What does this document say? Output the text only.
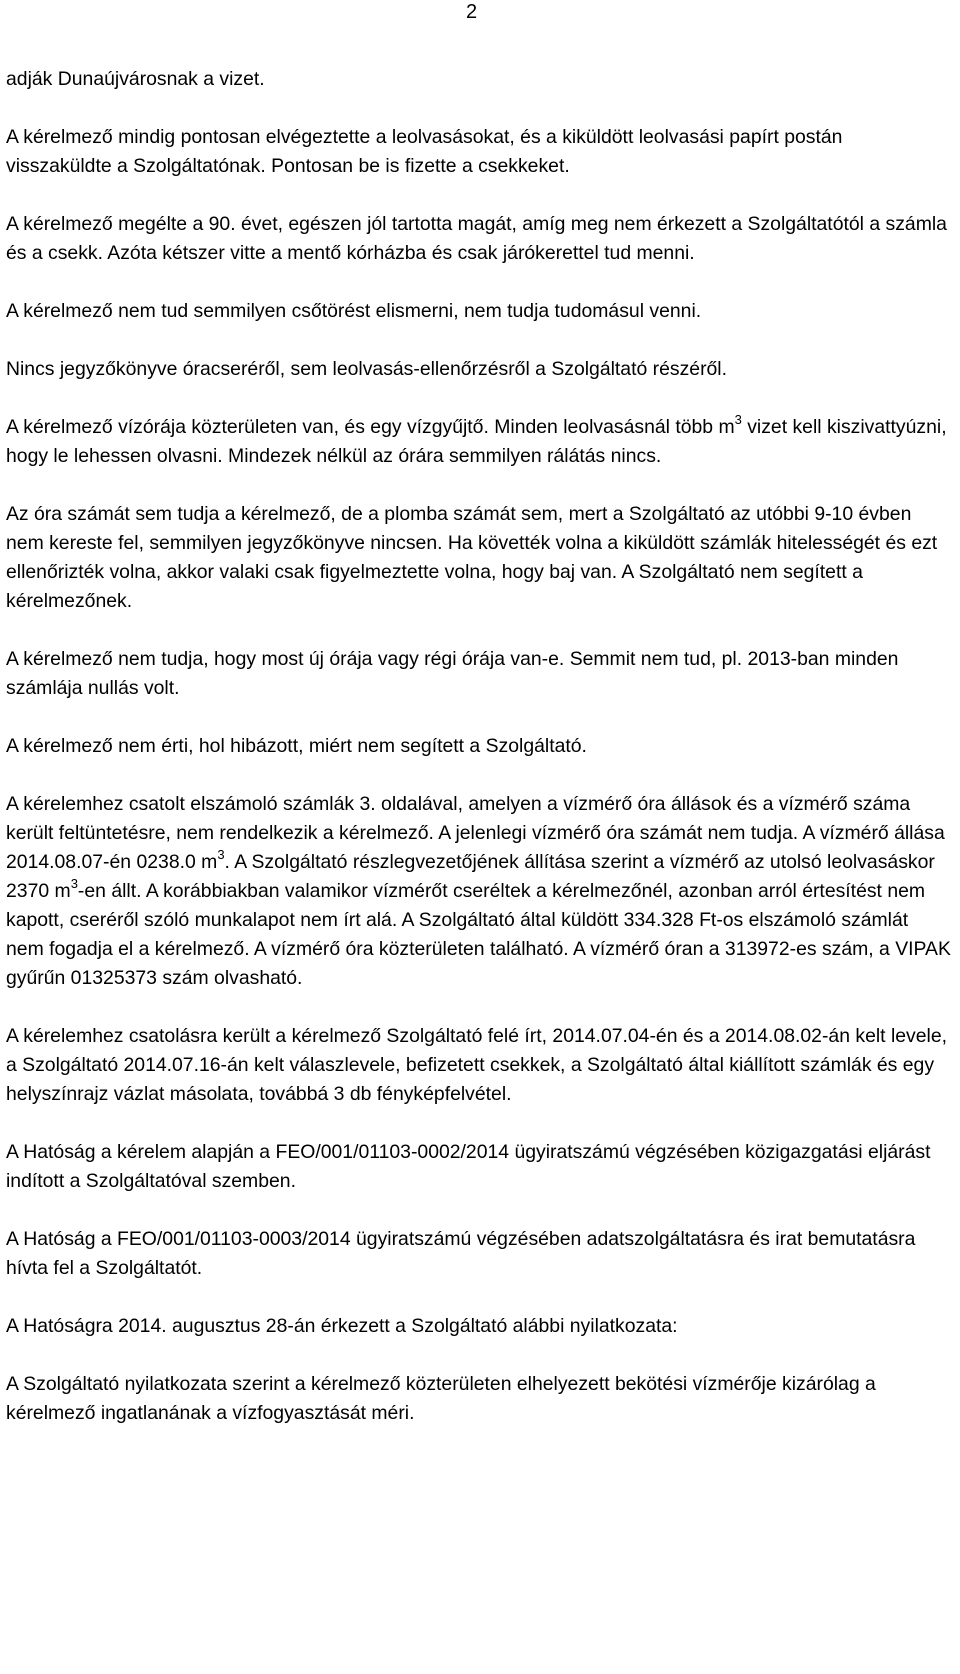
2

adják Dunaújvárosnak a vizet.

A kérelmező mindig pontosan elvégeztette a leolvasásokat, és a kiküldött leolvasási papírt postán visszaküldte a Szolgáltatónak. Pontosan be is fizette a csekkeket.

A kérelmező megélte a 90. évet, egészen jól tartotta magát, amíg meg nem érkezett a Szolgáltatótól a számla és a csekk. Azóta kétszer vitte a mentő kórházba és csak járókerettel tud menni.

A kérelmező nem tud semmilyen csőtörést elismerni, nem tudja tudomásul venni.

Nincs jegyzőkönyve óracseréről, sem leolvasás-ellenőrzésről a Szolgáltató részéről.

A kérelmező vízórája közterületen van, és egy vízgyűjtő. Minden leolvasásnál több $m^3$ vizet kell kiszivattyúzni, hogy le lehessen olvasni. Mindezek nélkül az órára semmilyen rálátás nincs.

Az óra számát sem tudja a kérelmező, de a plomba számát sem, mert a Szolgáltató az utóbbi 9-10 évben nem kereste fel, semmilyen jegyzőkönyve nincsen. Ha követték volna a kiküldött számlák hitelességét és ezt ellenőrizték volna, akkor valaki csak figyelmeztette volna, hogy baj van. A Szolgáltató nem segített a kérelmezőnek.

A kérelmező nem tudja, hogy most új órája vagy régi órája van-e. Semmit nem tud, pl. 2013-ban minden számlája nullás volt.

A kérelmező nem érti, hol hibázott, miért nem segített a Szolgáltató.

A kérelemhez csatolt elszámoló számlák 3. oldalával, amelyen a vízmérő óra állások és a vízmérő száma került feltüntetésre, nem rendelkezik a kérelmező. A jelenlegi vízmérő óra számát nem tudja. A vízmérő állása 2014.08.07-én 0238.0 $m^3$. A Szolgáltató részlegvezetőjének állítása szerint a vízmérő az utolsó leolvasáskor 2370 $m^3-en$ állt. A korábbiakban valamikor vízmérőt cseréltek a kérelmezőnél, azonban arról értesítést nem kapott, cseréről szóló munkalapot nem írt alá. A Szolgáltató által küldött 334.328 Ft-os elszámoló számlát nem fogadja el a kérelmező. A vízmérő óra közterületen található. A vízmérő óran a 313972-es szám, a VIPAK gyűrűn 01325373 szám olvasható.

A kérelemhez csatolásra került a kérelmező Szolgáltató felé írt, 2014.07.04-én és a 2014.08.02-án kelt levele, a Szolgáltató 2014.07.16-án kelt válaszlevele, befizetett csekkek, a Szolgáltató által kiállított számlák és egy helyszínrajz vázlat másolata, továbbá 3 db fényképfelvétel.

A Hatóság a kérelem alapján a FEO/001/01103-0002/2014 ügyiratszámú végzésében közigazgatási eljárást indított a Szolgáltatóval szemben.

A Hatóság a FEO/001/01103-0003/2014 ügyiratszámú végzésében adatszolgáltatásra és irat bemutatásra hívta fel a Szolgáltatót.

A Hatóságra 2014. augusztus 28-án érkezett a Szolgáltató alábbi nyilatkozata:

A Szolgáltató nyilatkozata szerint a kérelmező közterületen elhelyezett bekötési vízmérője kizárólag a kérelmező ingatlanának a vízfogyasztását méri.
